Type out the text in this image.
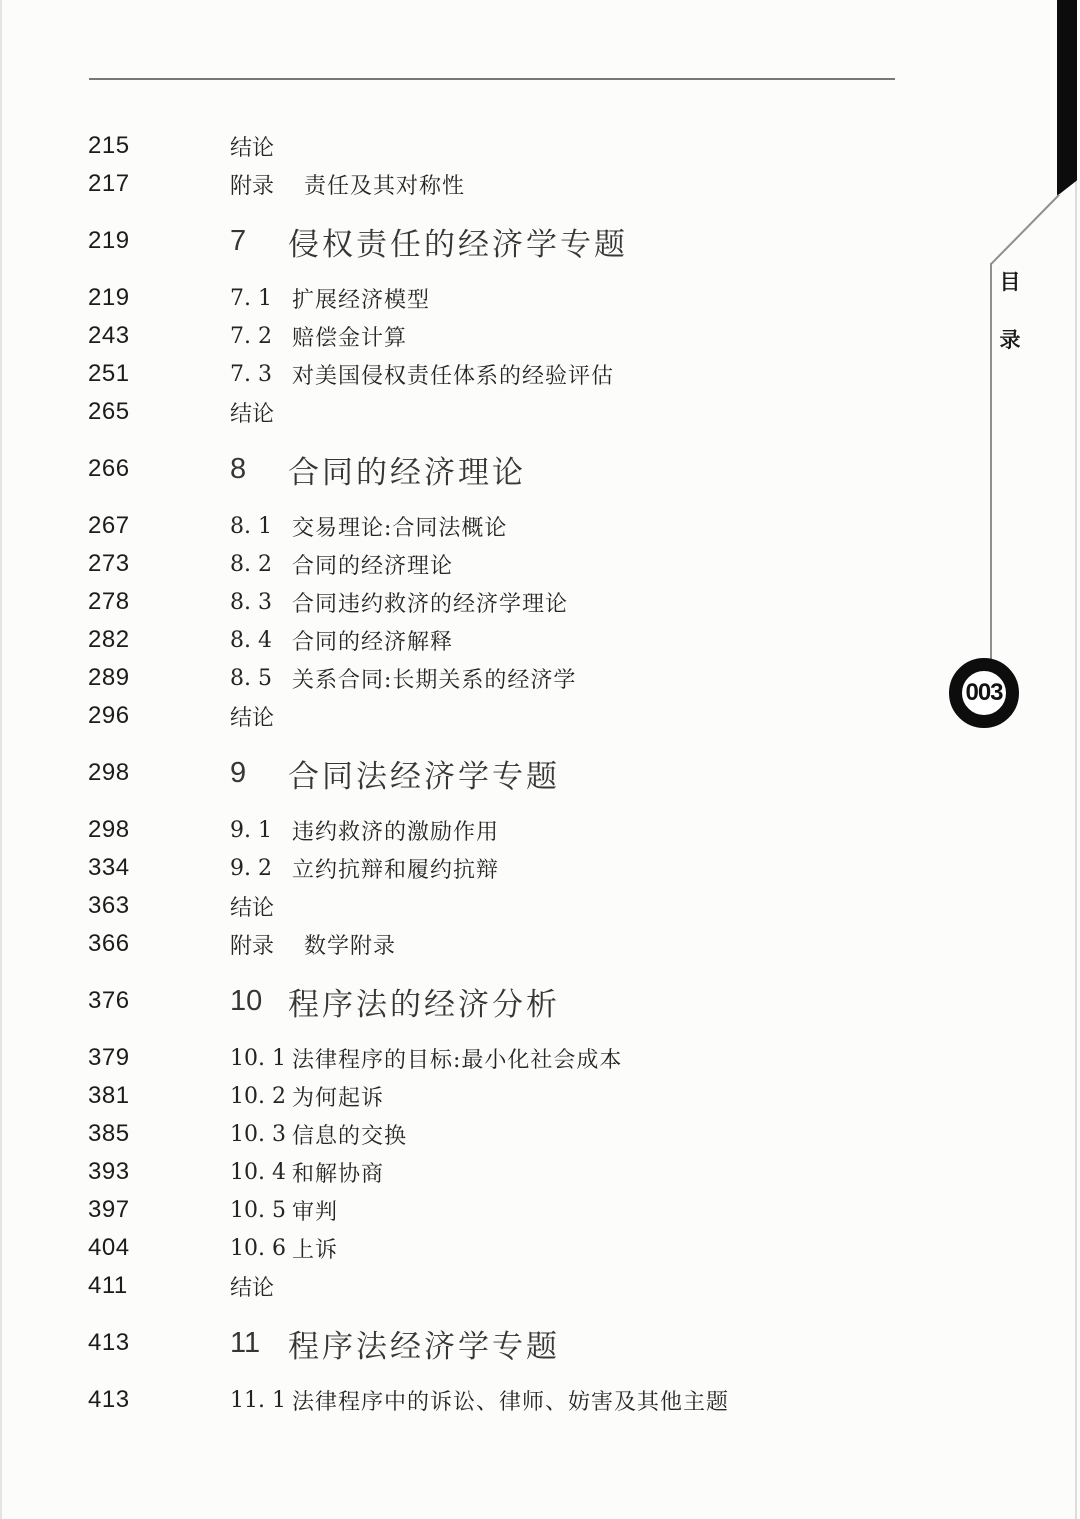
215	结论
217	附录	责任及其对称性
219	7	侵权责任的经济学专题
219	7. 1 扩展经济模型
243	7. 2 赔偿金计算
251	7. 3 对美国侵权责任体系的经验评估
265	结论
266	8	合同的经济理论
267	8. 1 交易理论:合同法概论
273	8. 2 合同的经济理论
278	8. 3 合同违约救济的经济学理论
282	8. 4 合同的经济解释
289	8. 5 关系合同:长期关系的经济学
296	结论
298	9	合同法经济学专题
298	9. 1 违约救济的激励作用
334	9. 2 立约抗辩和履约抗辩
363	结论
366	附录	数学附录
376	10 程序法的经济分析
379	10. 1 法律程序的目标:最小化社会成本
381	10. 2 为何起诉
385	10. 3 信息的交换
393	10. 4 和解协商
397	10. 5 审判
404	10. 6 上诉
411	结论
413	11 程序法经济学专题
413	11. 1 法律程序中的诉讼、律师、妨害及其他主题
目
录
003
